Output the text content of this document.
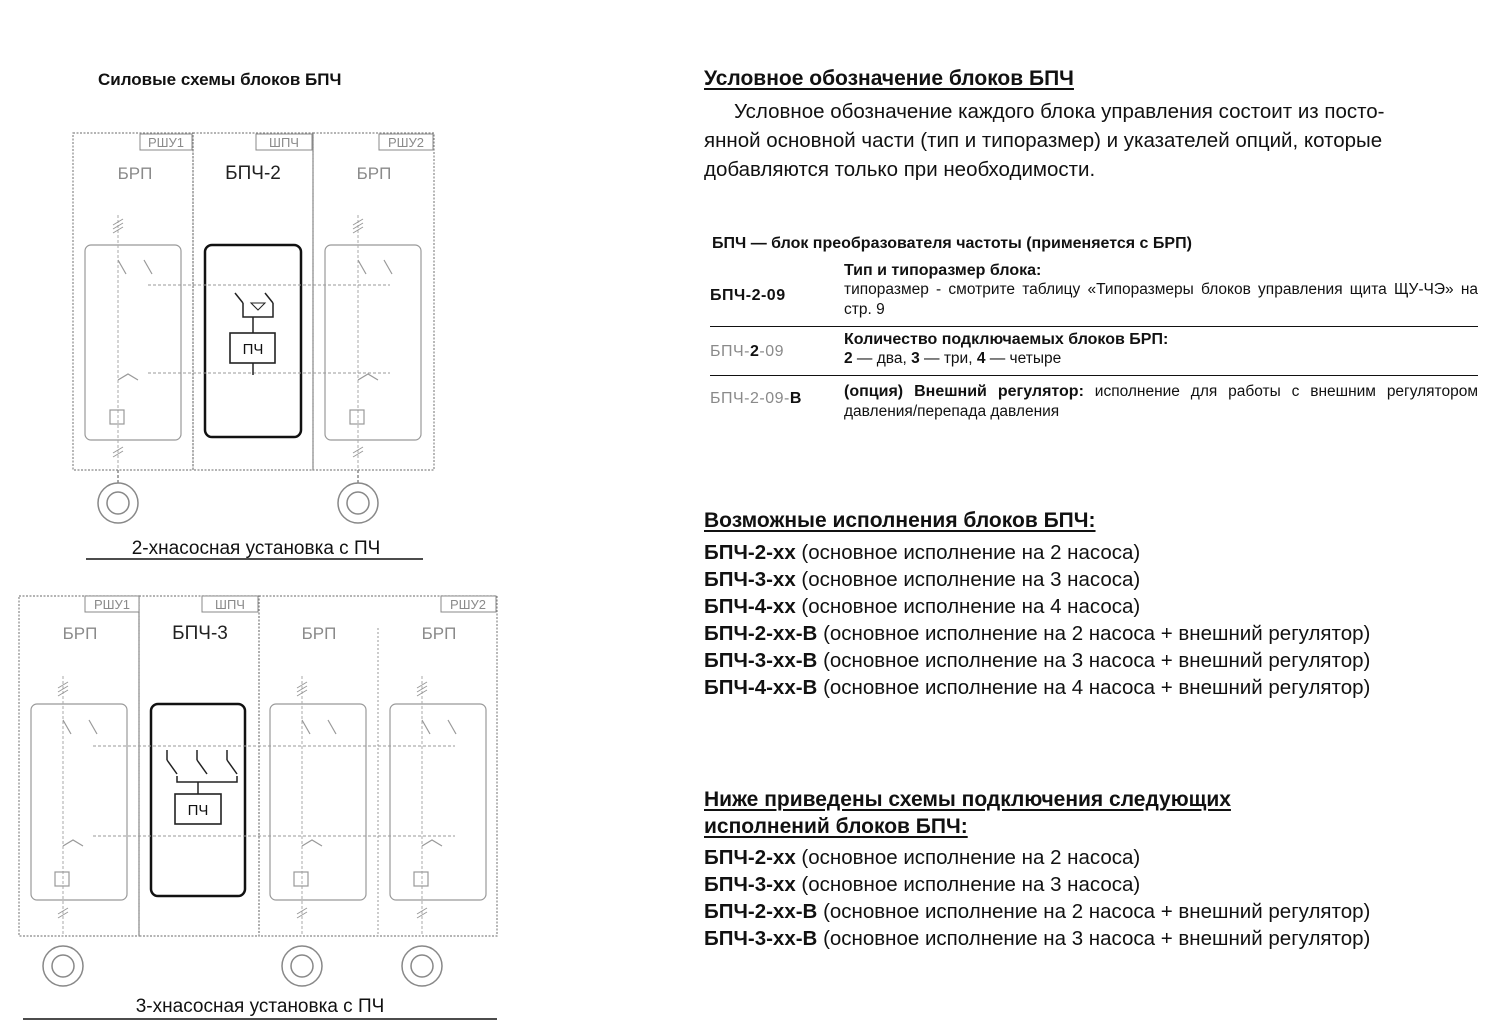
Силовые схемы блоков БПЧ
РШУ1	ШПЧ	РШУ2
БРП	БПЧ-2	БРП
ПЧ
2-хнасосная установка с ПЧ
РШУ1	ШПЧ	РШУ2
БРП	БПЧ-3	БРП	БРП
ПЧ
3-хнасосная установка с ПЧ
Условное обозначение блоков БПЧ
Условное обозначение каждого блока управления состоит из посто-
янной основной части (тип и типоразмер) и указателей опций, которые
добавляются только при необходимости.
БПЧ — блок преобразователя частоты (применяется с БРП)
БПЧ-2-09	Тип и типоразмер блока:
типоразмер - смотрите таблицу «Типоразмеры блоков управления щита ЩУ-ЧЭ» на стр. 9

БПЧ-2-09	Количество подключаемых блоков БРП:
2 — два, 3 — три, 4 — четыре

БПЧ-2-09-В	(опция) Внешний регулятор: исполнение для работы с внешним регулятором давления/перепада давления
Возможные исполнения блоков БПЧ:
БПЧ-2-хх (основное исполнение на 2 насоса)
БПЧ-3-хх (основное исполнение на 3 насоса)
БПЧ-4-хх (основное исполнение на 4 насоса)
БПЧ-2-хх-В (основное исполнение на 2 насоса + внешний регулятор)
БПЧ-3-хх-В (основное исполнение на 3 насоса + внешний регулятор)
БПЧ-4-хх-В (основное исполнение на 4 насоса + внешний регулятор)
Ниже приведены схемы подключения следующих
исполнений блоков БПЧ:
БПЧ-2-хх (основное исполнение на 2 насоса)
БПЧ-3-хх (основное исполнение на 3 насоса)
БПЧ-2-хх-В (основное исполнение на 2 насоса + внешний регулятор)
БПЧ-3-хх-В (основное исполнение на 3 насоса + внешний регулятор)
